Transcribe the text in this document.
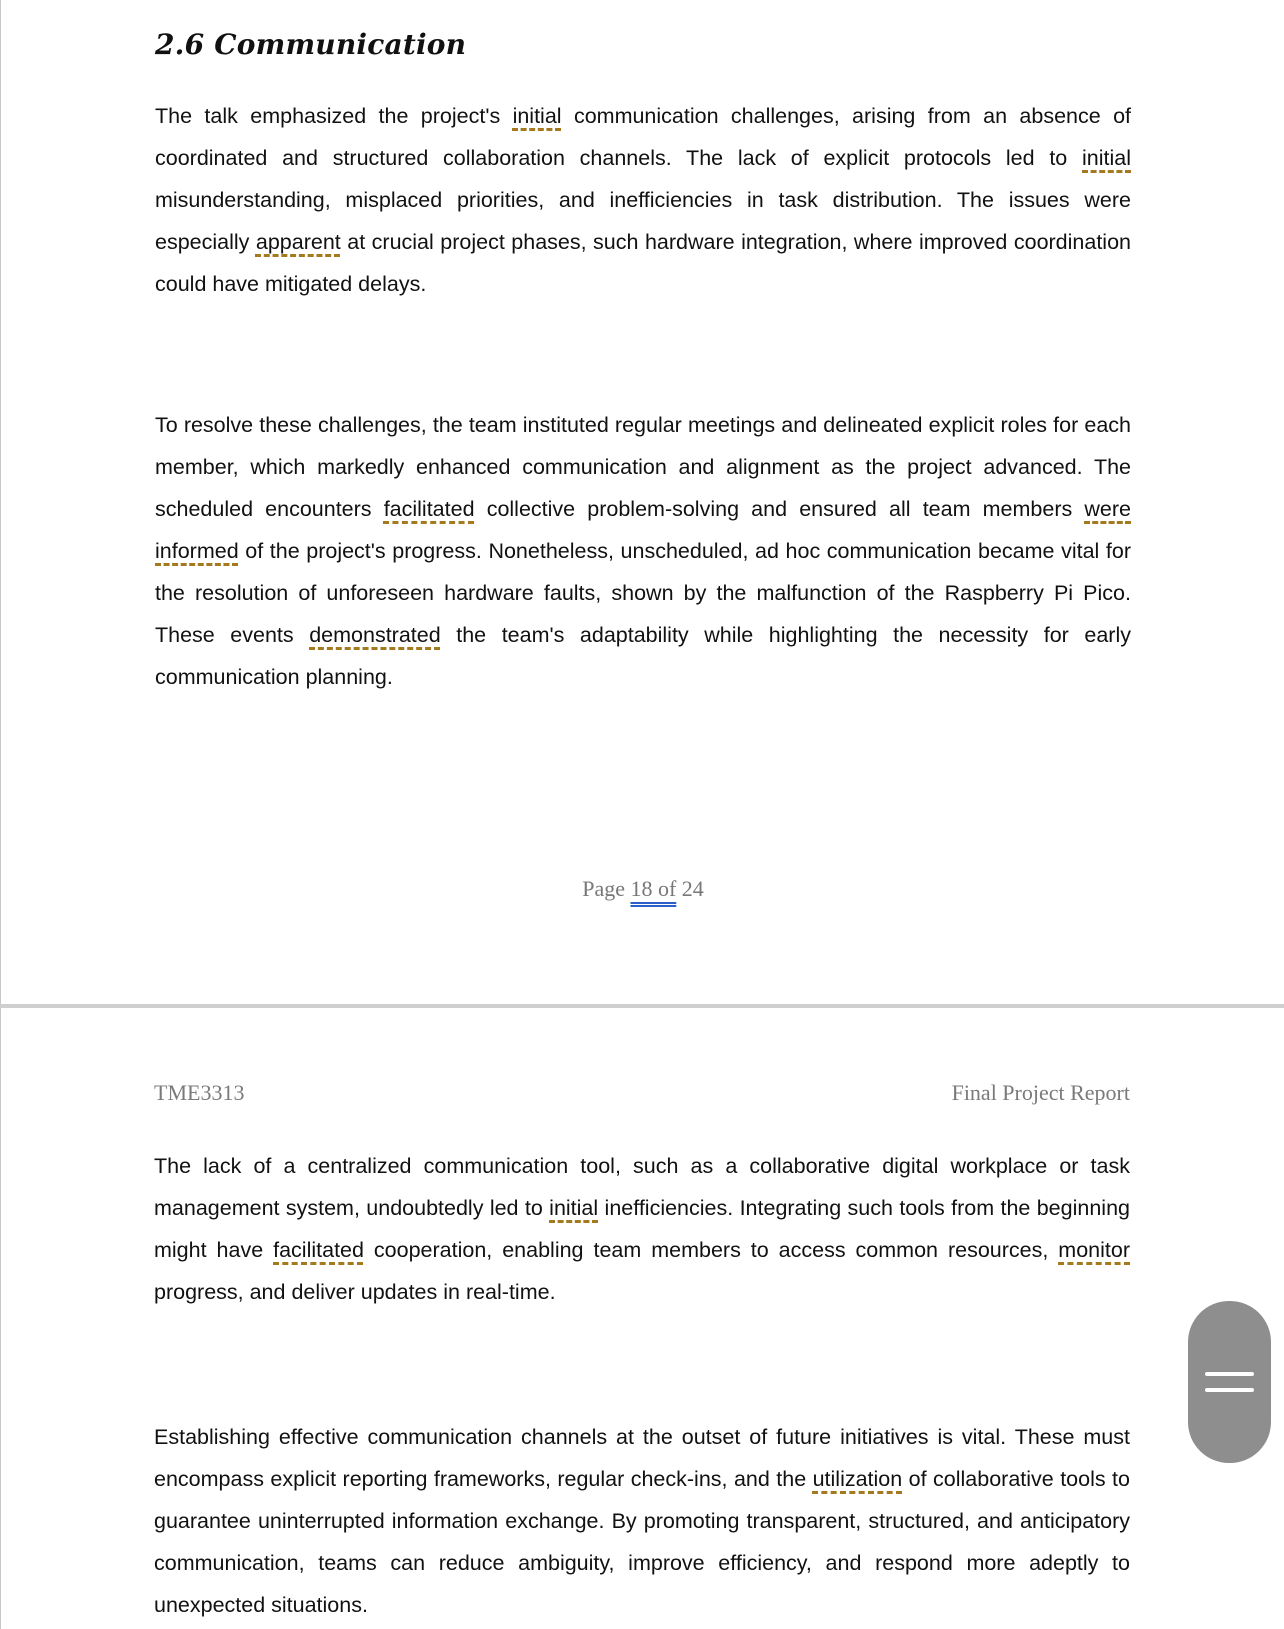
2.6 Communication

The talk emphasized the project's initial communication challenges, arising from an absence of coordinated and structured collaboration channels. The lack of explicit protocols led to initial misunderstanding, misplaced priorities, and inefficiencies in task distribution. The issues were especially apparent at crucial project phases, such hardware integration, where improved coordination could have mitigated delays.

To resolve these challenges, the team instituted regular meetings and delineated explicit roles for each member, which markedly enhanced communication and alignment as the project advanced. The scheduled encounters facilitated collective problem-solving and ensured all team members were informed of the project's progress. Nonetheless, unscheduled, ad hoc communication became vital for the resolution of unforeseen hardware faults, shown by the malfunction of the Raspberry Pi Pico. These events demonstrated the team's adaptability while highlighting the necessity for early communication planning.

Page 18 of 24
TME3313	Final Project Report

The lack of a centralized communication tool, such as a collaborative digital workplace or task management system, undoubtedly led to initial inefficiencies. Integrating such tools from the beginning might have facilitated cooperation, enabling team members to access common resources, monitor progress, and deliver updates in real-time.

Establishing effective communication channels at the outset of future initiatives is vital. These must encompass explicit reporting frameworks, regular check-ins, and the utilization of collaborative tools to guarantee uninterrupted information exchange. By promoting transparent, structured, and anticipatory communication, teams can reduce ambiguity, improve efficiency, and respond more adeptly to unexpected situations.
